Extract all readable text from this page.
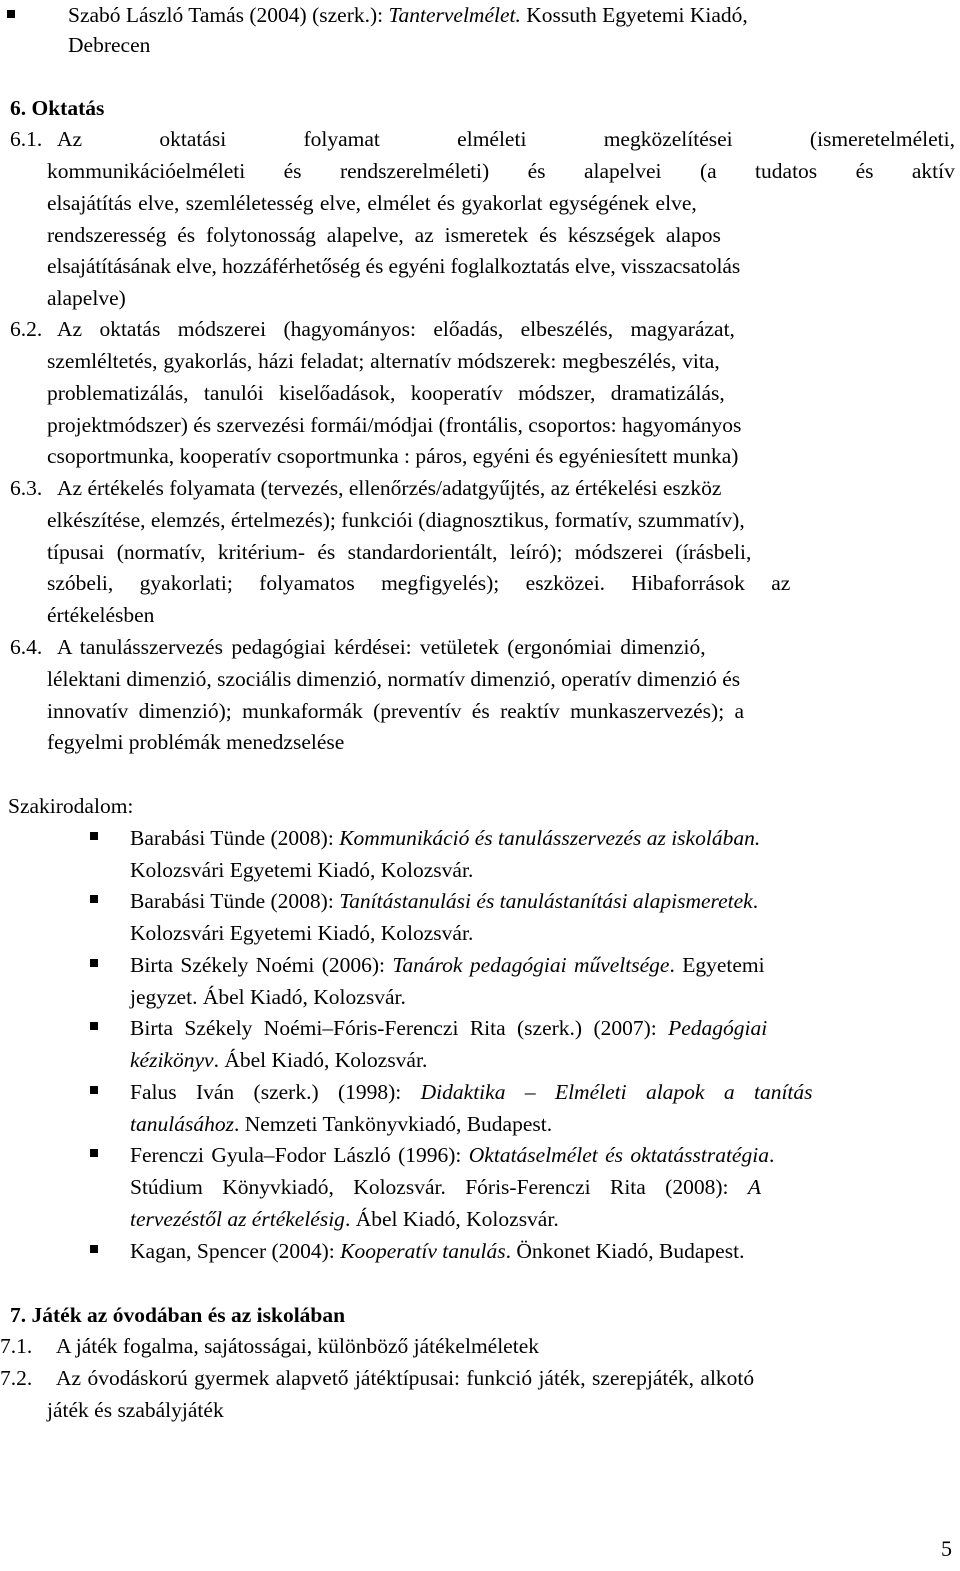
Szabó László Tamás (2004) (szerk.): Tantervelmélet. Kossuth Egyetemi Kiadó,
Debrecen
6. Oktatás
6.1. Az	oktatási	folyamat	elméleti	megközelítései	(ismeretelméleti,
kommunikációelméleti és rendszerelméleti) és alapelvei (a tudatos és aktív
elsajátítás elve, szemléletesség elve, elmélet és gyakorlat egységének elve,
rendszeresség és folytonosság alapelve, az ismeretek és készségek alapos
elsajátításának elve, hozzáférhetőség és egyéni foglalkoztatás elve, visszacsatolás
alapelve)
6.2. Az oktatás módszerei (hagyományos: előadás, elbeszélés, magyarázat,
szemléltetés, gyakorlás, házi feladat; alternatív módszerek: megbeszélés, vita,
problematizálás, tanulói kiselőadások, kooperatív módszer, dramatizálás,
projektmódszer) és szervezési formái/módjai (frontális, csoportos: hagyományos
csoportmunka, kooperatív csoportmunka : páros, egyéni és egyéniesített munka)
6.3. Az értékelés folyamata (tervezés, ellenőrzés/adatgyűjtés, az értékelési eszköz
elkészítése, elemzés, értelmezés); funkciói (diagnosztikus, formatív, szummatív),
típusai (normatív, kritérium- és standardorientált, leíró); módszerei (írásbeli,
szóbeli, gyakorlati; folyamatos megfigyelés); eszközei. Hibaforrások az
értékelésben
6.4. A tanulásszervezés pedagógiai kérdései: vetületek (ergonómiai dimenzió,
lélektani dimenzió, szociális dimenzió, normatív dimenzió, operatív dimenzió és
innovatív dimenzió); munkaformák (preventív és reaktív munkaszervezés); a
fegyelmi problémák menedzselése
Szakirodalom:
Barabási Tünde (2008): Kommunikáció és tanulásszervezés az iskolában.
Kolozsvári Egyetemi Kiadó, Kolozsvár.
Barabási Tünde (2008): Tanítástanulási és tanulástanítási alapismeretek.
Kolozsvári Egyetemi Kiadó, Kolozsvár.
Birta Székely Noémi (2006): Tanárok pedagógiai műveltsége. Egyetemi
jegyzet. Ábel Kiadó, Kolozsvár.
Birta Székely Noémi–Fóris-Ferenczi Rita (szerk.) (2007): Pedagógiai
kézikönyv. Ábel Kiadó, Kolozsvár.
Falus Iván (szerk.) (1998): Didaktika – Elméleti alapok a tanítás
tanulásához. Nemzeti Tankönyvkiadó, Budapest.
Ferenczi Gyula–Fodor László (1996): Oktatáselmélet és oktatásstratégia.
Stúdium Könyvkiadó, Kolozsvár. Fóris-Ferenczi Rita (2008): A
tervezéstől az értékelésig. Ábel Kiadó, Kolozsvár.
Kagan, Spencer (2004): Kooperatív tanulás. Önkonet Kiadó, Budapest.
7. Játék az óvodában és az iskolában
7.1. A játék fogalma, sajátosságai, különböző játékelméletek
7.2. Az óvodáskorú gyermek alapvető játéktípusai: funkció játék, szerepjáték, alkotó
játék és szabályjáték
5
